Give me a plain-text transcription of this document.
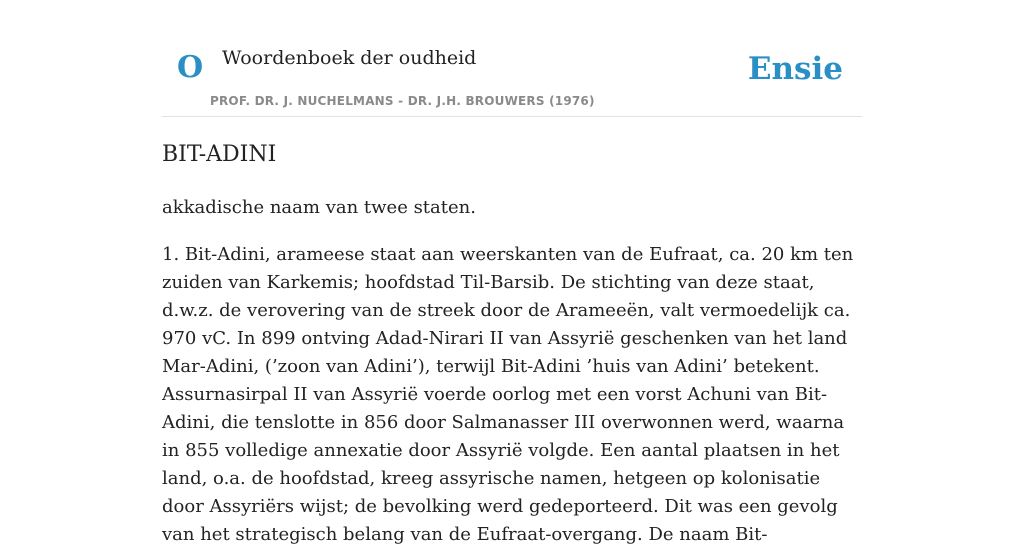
O Woordenboek der oudheid
PROF. DR. J. NUCHELMANS - DR. J.H. BROUWERS (1976)
Ensie
BIT-ADINI

akkadische naam van twee staten.

1. Bit-Adini, arameese staat aan weerskanten van de Eufraat, ca. 20 km ten zuiden van Karkemis; hoofdstad Til-Barsib. De stichting van deze staat, d.w.z. de verovering van de streek door de Arameeën, valt vermoedelijk ca. 970 vC. In 899 ontving Adad-Nirari II van Assyrië geschenken van het land Mar-Adini, (’zoon van Adini’), terwijl Bit-Adini ’huis van Adini’ betekent. Assurnasirpal II van Assyrië voerde oorlog met een vorst Achuni van Bit-Adini, die tenslotte in 856 door Salmanasser III overwonnen werd, waarna in 855 volledige annexatie door Assyrië volgde. Een aantal plaatsen in het land, o.a. de hoofdstad, kreeg assyrische namen, hetgeen op kolonisatie door Assyriërs wijst; de bevolking werd gedeporteerd. Dit was een gevolg van het strategisch belang van de Eufraat-overgang. De naam Bit-
